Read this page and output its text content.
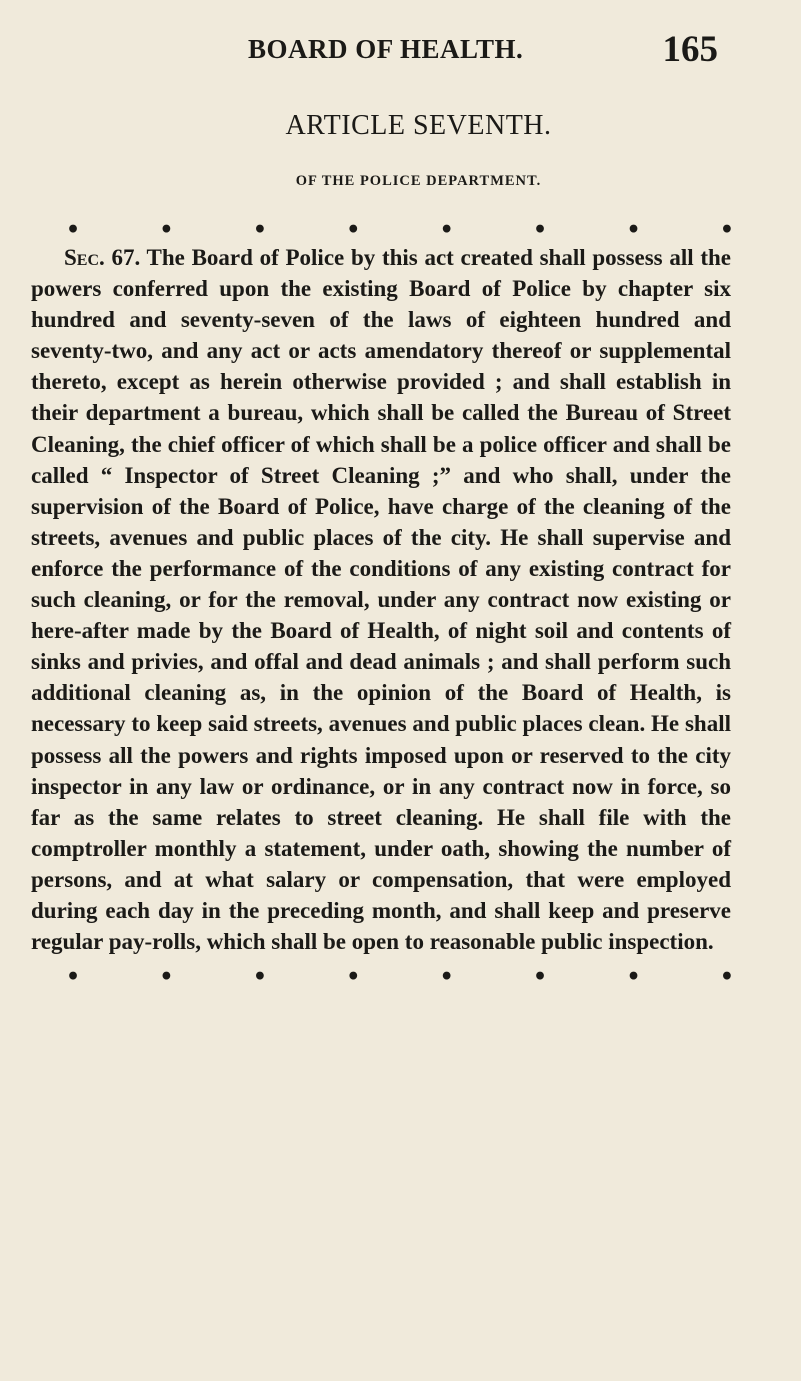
BOARD OF HEALTH.	165
ARTICLE SEVENTH.
OF THE POLICE DEPARTMENT.
•	•	•	•	•	•	•	•

Sec. 67. The Board of Police by this act created shall possess all the powers conferred upon the existing Board of Police by chapter six hundred and seventy-seven of the laws of eighteen hundred and seventy-two, and any act or acts amendatory thereof or supplemental thereto, except as herein otherwise provided ; and shall establish in their department a bureau, which shall be called the Bureau of Street Cleaning, the chief officer of which shall be a police officer and shall be called “ Inspector of Street Cleaning ;” and who shall, under the supervision of the Board of Police, have charge of the cleaning of the streets, avenues and public places of the city. He shall supervise and enforce the performance of the conditions of any existing contract for such cleaning, or for the removal, under any contract now existing or here-after made by the Board of Health, of night soil and contents of sinks and privies, and offal and dead animals ; and shall perform such additional cleaning as, in the opinion of the Board of Health, is necessary to keep said streets, avenues and public places clean. He shall possess all the powers and rights imposed upon or reserved to the city inspector in any law or ordinance, or in any contract now in force, so far as the same relates to street cleaning. He shall file with the comptroller monthly a statement, under oath, showing the number of persons, and at what salary or compensation, that were employed during each day in the preceding month, and shall keep and preserve regular pay-rolls, which shall be open to reasonable public inspection.

•	•	•	•	•	•	•	•
